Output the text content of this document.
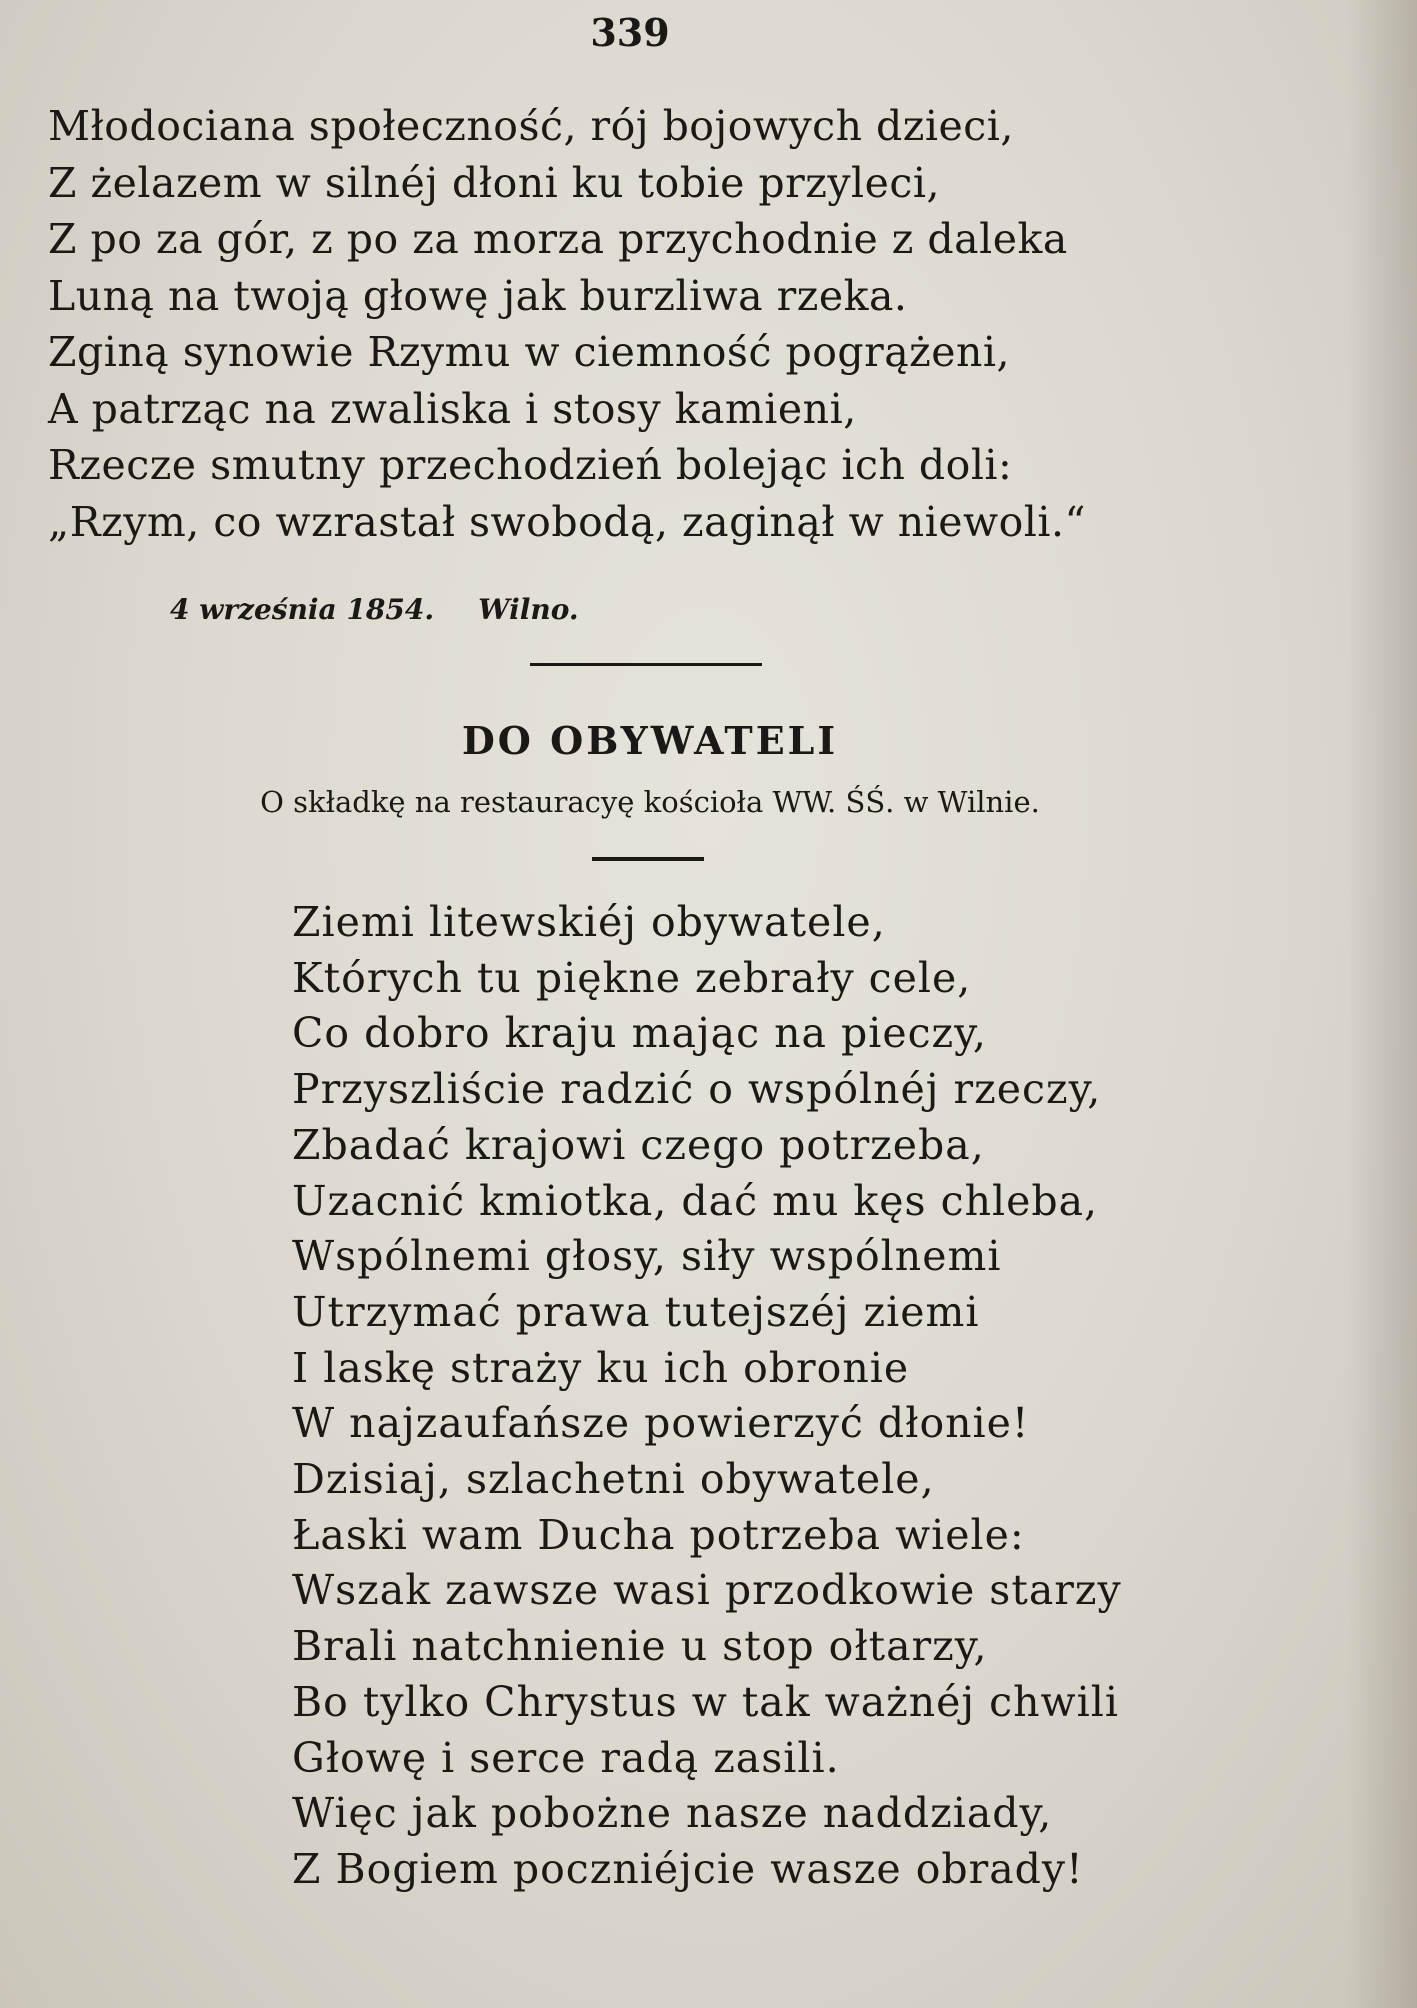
339
Młodociana społeczność, rój bojowych dzieci,
Z żelazem w silnéj dłoni ku tobie przyleci,
Z po za gór, z po za morza przychodnie z daleka
Luną na twoją głowę jak burzliwa rzeka.
Zginą synowie Rzymu w ciemność pogrążeni,
A patrząc na zwaliska i stosy kamieni,
Rzecze smutny przechodzień bolejąc ich doli:
„Rzym, co wzrastał swobodą, zaginął w niewoli.“
4 września 1854. Wilno.
DO OBYWATELI
O składkę na restauracyę kościoła WW. ŚŚ. w Wilnie.
Ziemi litewskiéj obywatele,
Których tu piękne zebrały cele,
Co dobro kraju mając na pieczy,
Przyszliście radzić o wspólnéj rzeczy,
Zbadać krajowi czego potrzeba,
Uzacnić kmiotka, dać mu kęs chleba,
Wspólnemi głosy, siły wspólnemi
Utrzymać prawa tutejszéj ziemi
I laskę straży ku ich obronie
W najzaufańsze powierzyć dłonie!
Dzisiaj, szlachetni obywatele,
Łaski wam Ducha potrzeba wiele:
Wszak zawsze wasi przodkowie starzy
Brali natchnienie u stop ołtarzy,
Bo tylko Chrystus w tak ważnéj chwili
Głowę i serce radą zasili.
Więc jak pobożne nasze naddziady,
Z Bogiem poczniéjcie wasze obrady!
